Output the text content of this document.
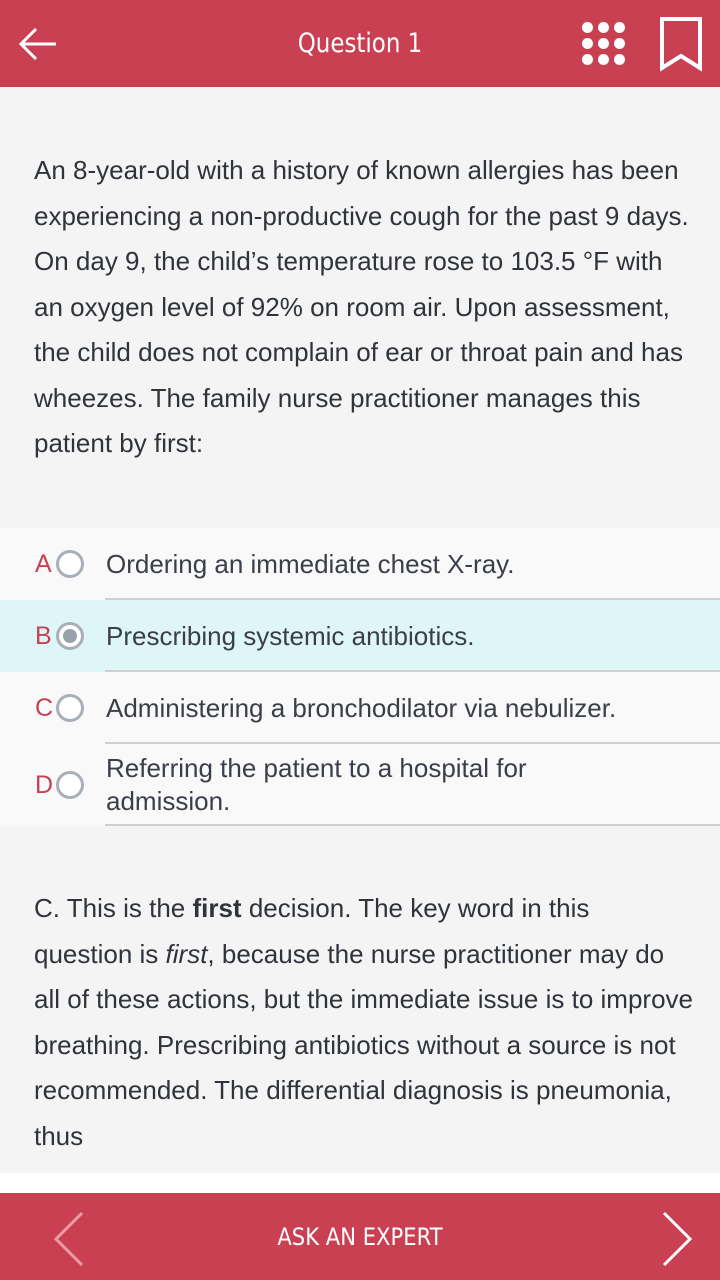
Question 1
An 8-year-old with a history of known allergies has been experiencing a non-productive cough for the past 9 days. On day 9, the child’s temperature rose to 103.5 °F with an oxygen level of 92% on room air. Upon assessment, the child does not complain of ear or throat pain and has wheezes. The family nurse practitioner manages this patient by first:
A Ordering an immediate chest X-ray.
B Prescribing systemic antibiotics.
C Administering a bronchodilator via nebulizer.
D
Referring the patient to a hospital for admission.
C. This is the first decision. The key word in this question is first, because the nurse practitioner may do all of these actions, but the immediate issue is to improve breathing. Prescribing antibiotics without a source is not recommended. The differential diagnosis is pneumonia, thus
ASK AN EXPERT
